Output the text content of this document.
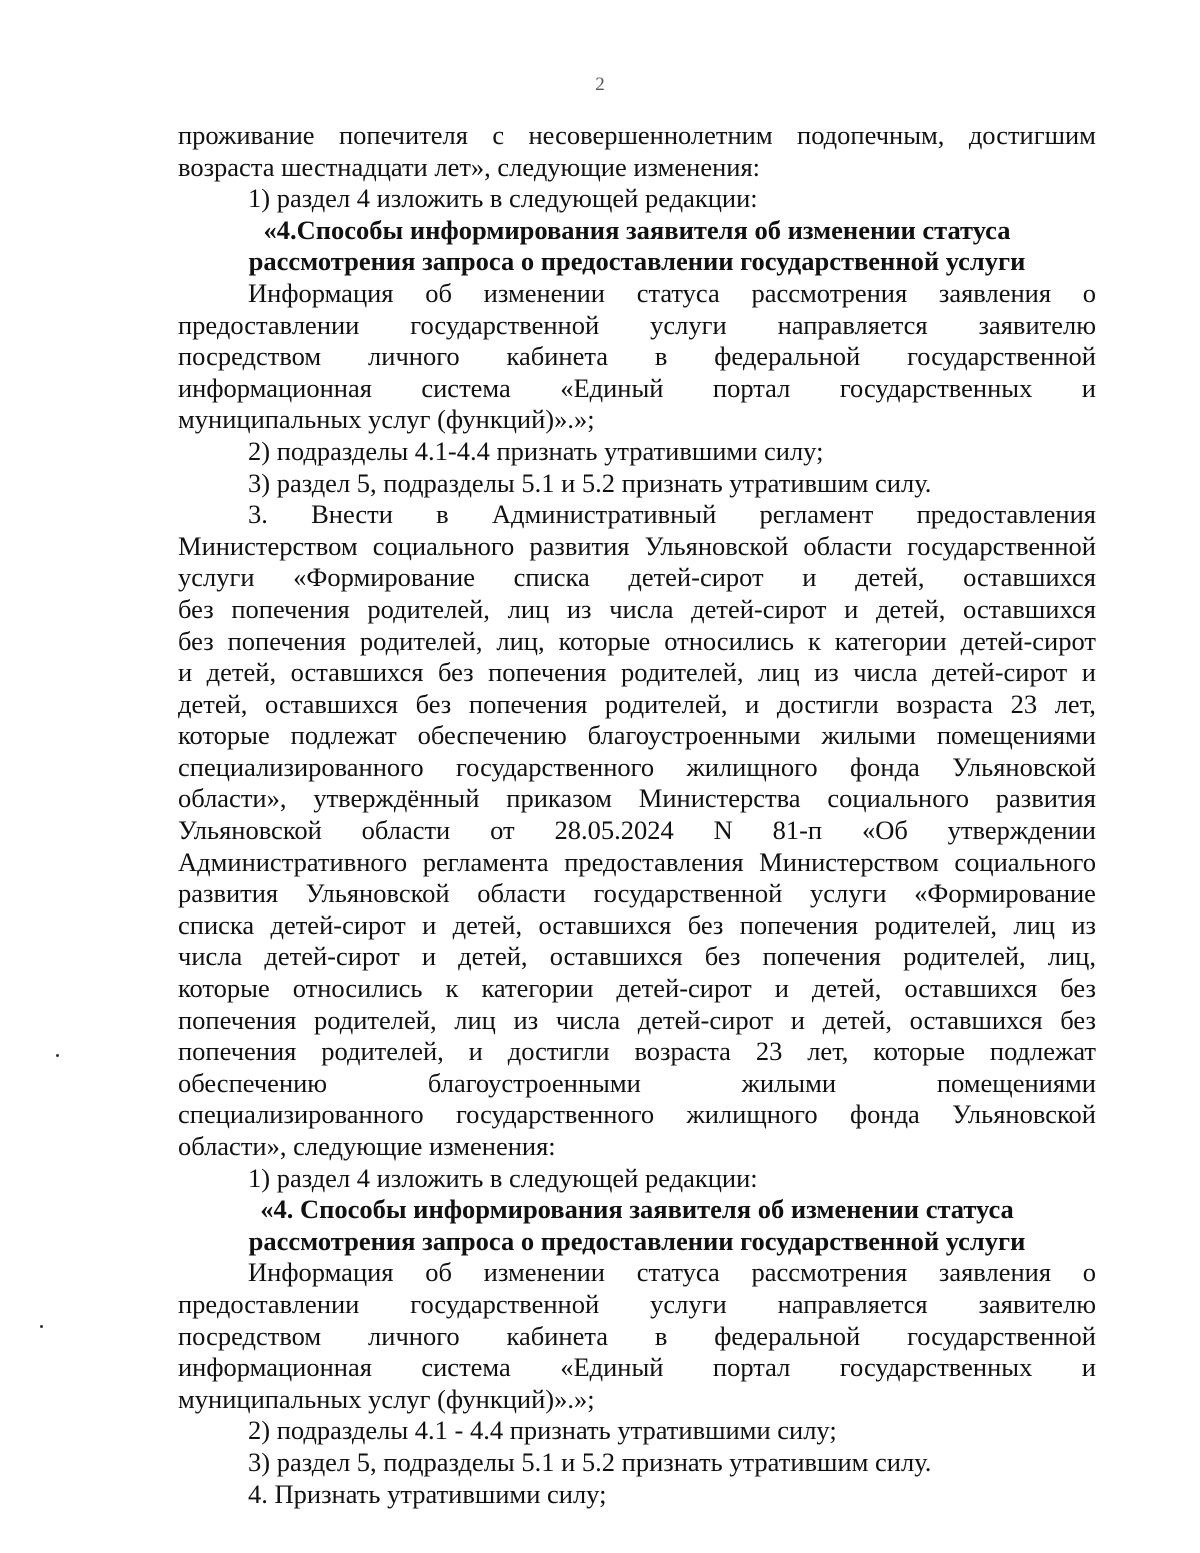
2
проживание попечителя с несовершеннолетним подопечным, достигшим
возраста шестнадцати лет», следующие изменения:
1) раздел 4 изложить в следующей редакции:
«4.Способы информирования заявителя об изменении статуса
рассмотрения запроса о предоставлении государственной услуги
Информация об изменении статуса рассмотрения заявления о
предоставлении государственной услуги направляется заявителю
посредством личного кабинета в федеральной государственной
информационная система «Единый портал государственных и
муниципальных услуг (функций)».»;
2) подразделы 4.1-4.4 признать утратившими силу;
3) раздел 5, подразделы 5.1 и 5.2 признать утратившим силу.
3. Внести в Административный регламент предоставления
Министерством социального развития Ульяновской области государственной
услуги «Формирование списка детей-сирот и детей, оставшихся
без попечения родителей, лиц из числа детей-сирот и детей, оставшихся
без попечения родителей, лиц, которые относились к категории детей-сирот
и детей, оставшихся без попечения родителей, лиц из числа детей-сирот и
детей, оставшихся без попечения родителей, и достигли возраста 23 лет,
которые подлежат обеспечению благоустроенными жилыми помещениями
специализированного государственного жилищного фонда Ульяновской
области», утверждённый приказом Министерства социального развития
Ульяновской области от 28.05.2024 N 81-п «Об утверждении
Административного регламента предоставления Министерством социального
развития Ульяновской области государственной услуги «Формирование
списка детей-сирот и детей, оставшихся без попечения родителей, лиц из
числа детей-сирот и детей, оставшихся без попечения родителей, лиц,
которые относились к категории детей-сирот и детей, оставшихся без
попечения родителей, лиц из числа детей-сирот и детей, оставшихся без
попечения родителей, и достигли возраста 23 лет, которые подлежат
обеспечению	благоустроенными	жилыми	помещениями
специализированного государственного жилищного фонда Ульяновской
области», следующие изменения:
1) раздел 4 изложить в следующей редакции:
«4. Способы информирования заявителя об изменении статуса
рассмотрения запроса о предоставлении государственной услуги
Информация об изменении статуса рассмотрения заявления о
предоставлении государственной услуги направляется заявителю
посредством личного кабинета в федеральной государственной
информационная система «Единый портал государственных и
муниципальных услуг (функций)».»;
2) подразделы 4.1 - 4.4 признать утратившими силу;
3) раздел 5, подразделы 5.1 и 5.2 признать утратившим силу.
4. Признать утратившими силу;
